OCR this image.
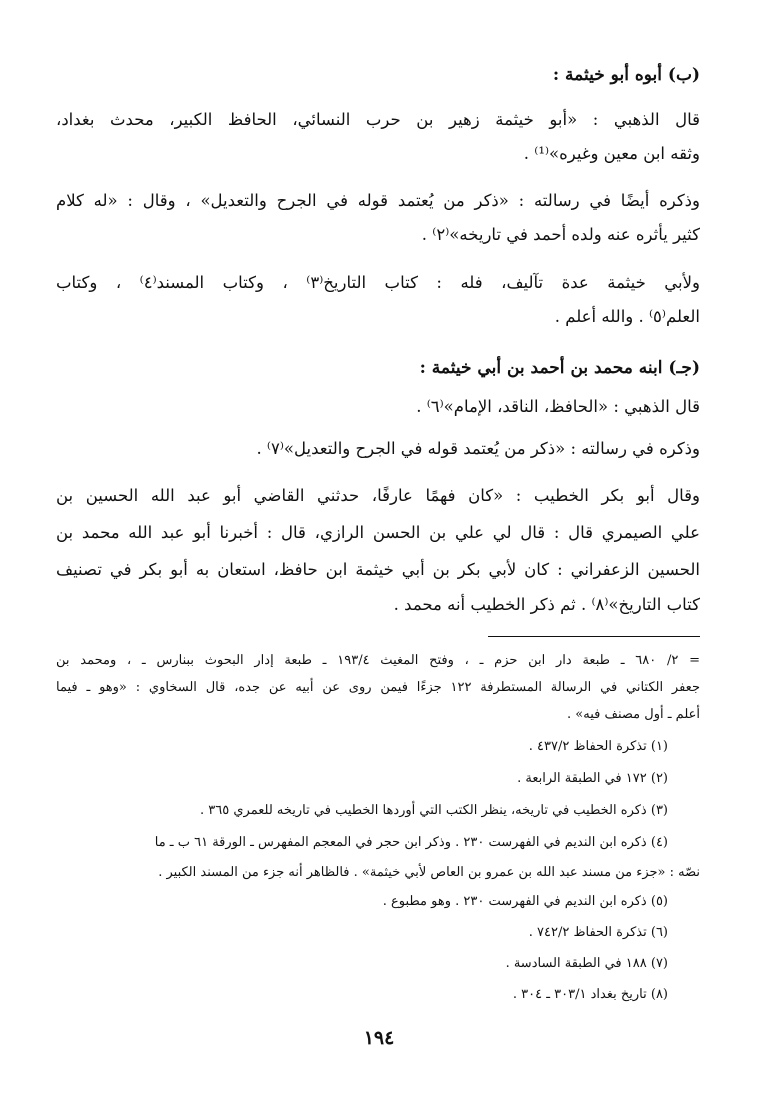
(ب) أبوه أبو خيثمة :
قال الذهبي : «أبو خيثمة زهير بن حرب النسائي، الحافظ الكبير، محدث بغداد،
وثقه ابن معين وغيره»⁽¹⁾ .
وذكره أيضًا في رسالته : «ذكر من يُعتمد قوله في الجرح والتعديل» ، وقال : «له كلام
كثير يأثره عنه ولده أحمد في تاريخه»⁽٢⁾ .
ولأبي خيثمة عدة تآليف، فله : كتاب التاريخ⁽٣⁾ ، وكتاب المسند⁽٤⁾ ، وكتاب
العلم⁽٥⁾ . والله أعلم .
(جـ) ابنه محمد بن أحمد بن أبي خيثمة :
قال الذهبي : «الحافظ، الناقد، الإمام»⁽٦⁾ .
وذكره في رسالته : «ذكر من يُعتمد قوله في الجرح والتعديل»⁽٧⁾ .
وقال أبو بكر الخطيب : «كان فهمًا عارفًا، حدثني القاضي أبو عبد الله الحسين بن
علي الصيمري قال : قال لي علي بن الحسن الرازي، قال : أخبرنا أبو عبد الله محمد بن
الحسين الزعفراني : كان لأبي بكر بن أبي خيثمة ابن حافظ، استعان به أبو بكر في تصنيف
كتاب التاريخ»⁽٨⁾ . ثم ذكر الخطيب أنه محمد .
= ٢/ ٦٨٠ ـ طبعة دار ابن حزم ـ ، وفتح المغيث ١٩٣/٤ ـ طبعة إدار البحوث ببنارس ـ ، ومحمد بن
جعفر الكتاني في الرسالة المستطرفة ١٢٢ جزءًا فيمن روى عن أبيه عن جده، قال السخاوي : «وهو ـ فيما
أعلم ـ أول مصنف فيه» .
(١) تذكرة الحفاظ ٤٣٧/٢ .
(٢) ١٧٢ في الطبقة الرابعة .
(٣) ذكره الخطيب في تاريخه، ينظر الكتب التي أوردها الخطيب في تاريخه للعمري ٣٦٥ .
(٤) ذكره ابن النديم في الفهرست ٢٣٠ . وذكر ابن حجر في المعجم المفهرس ـ الورقة ٦١ ب ـ ما
نصّه : «جزء من مسند عبد الله بن عمرو بن العاص لأبي خيثمة» . فالظاهر أنه جزء من المسند الكبير .
(٥) ذكره ابن النديم في الفهرست ٢٣٠ . وهو مطبوع .
(٦) تذكرة الحفاظ ٧٤٢/٢ .
(٧) ١٨٨ في الطبقة السادسة .
(٨) تاريخ بغداد ٣٠٣/١ ـ ٣٠٤ .
١٩٤
